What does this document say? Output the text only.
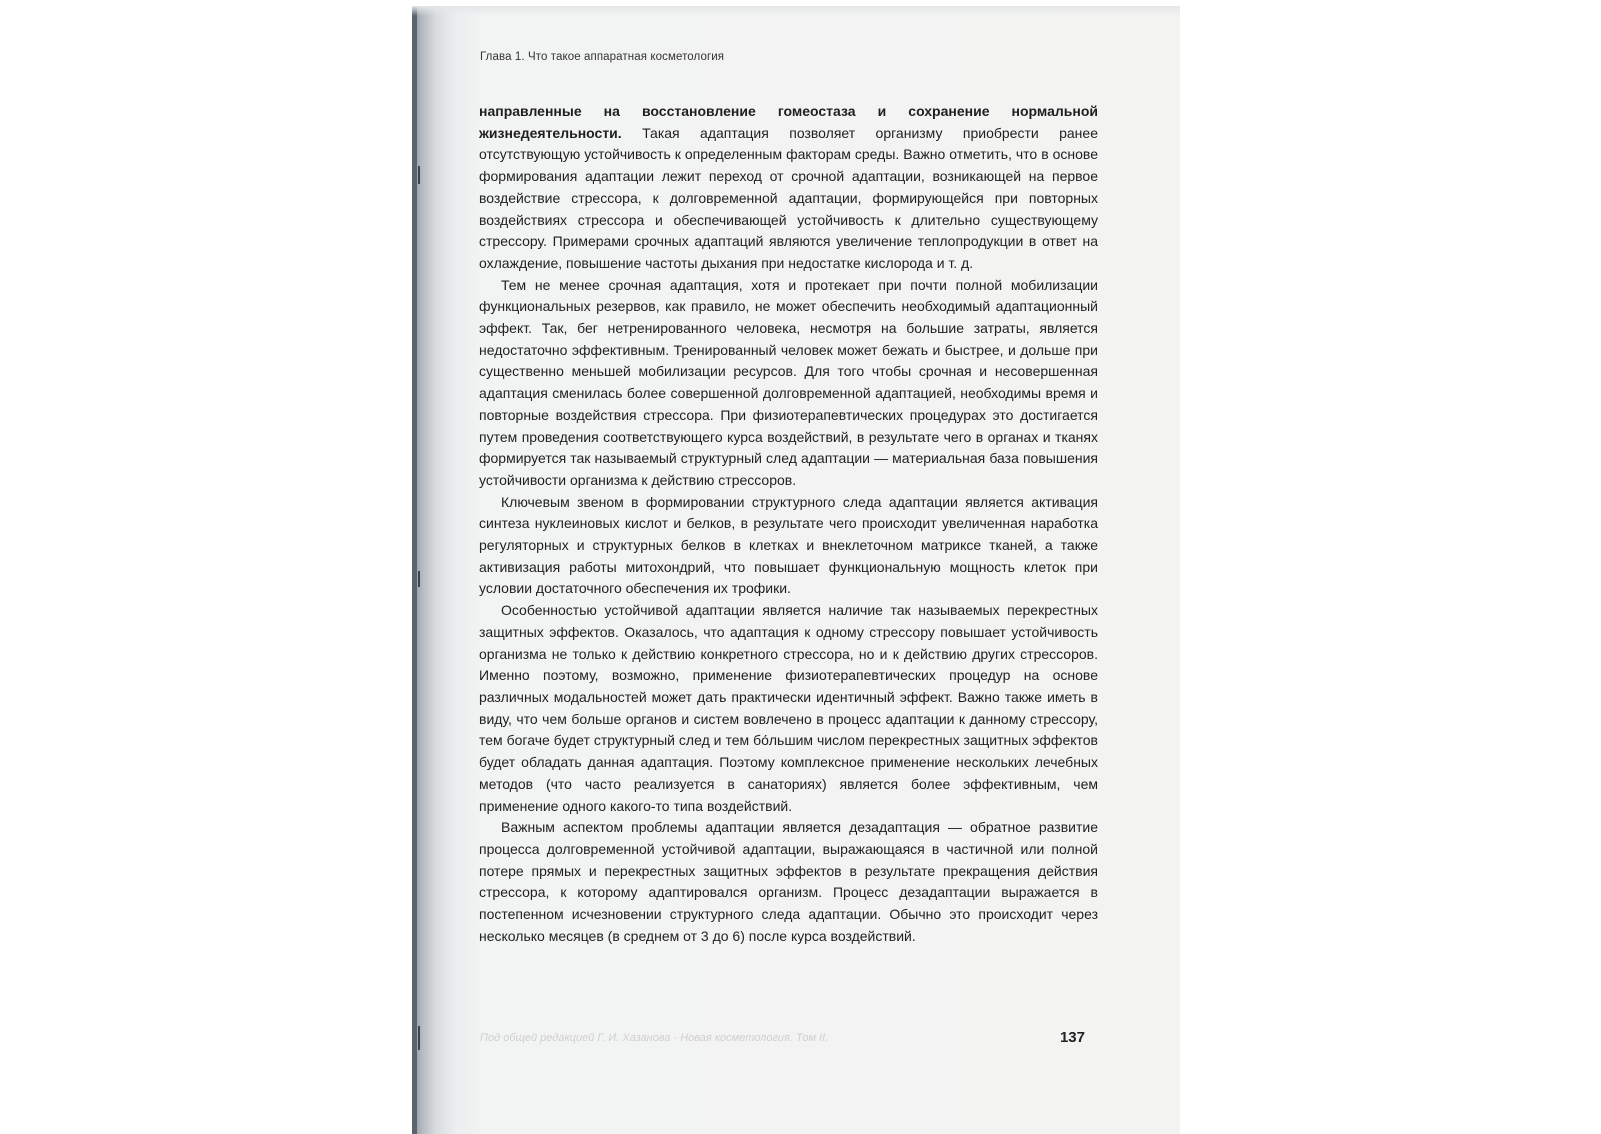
Глава 1. Что такое аппаратная косметология

направленные на восстановление гомеостаза и сохранение нормальной жизнедеятельности. Такая адаптация позволяет организму приобрести ранее отсутствующую устойчивость к определенным факторам среды. Важно отметить, что в основе формирования адаптации лежит переход от срочной адаптации, возникающей на первое воздействие стрессора, к долговременной адаптации, формирующейся при повторных воздействиях стрессора и обеспечивающей устойчивость к длительно существующему стрессору. Примерами срочных адаптаций являются увеличение теплопродукции в ответ на охлаждение, повышение частоты дыхания при недостатке кислорода и т. д.

Тем не менее срочная адаптация, хотя и протекает при почти полной мобилизации функциональных резервов, как правило, не может обеспечить необходимый адаптационный эффект. Так, бег нетренированного человека, несмотря на большие затраты, является недостаточно эффективным. Тренированный человек может бежать и быстрее, и дольше при существенно меньшей мобилизации ресурсов. Для того чтобы срочная и несовершенная адаптация сменилась более совершенной долговременной адаптацией, необходимы время и повторные воздействия стрессора. При физиотерапевтических процедурах это достигается путем проведения соответствующего курса воздействий, в результате чего в органах и тканях формируется так называемый структурный след адаптации — материальная база повышения устойчивости организма к действию стрессоров.

Ключевым звеном в формировании структурного следа адаптации является активация синтеза нуклеиновых кислот и белков, в результате чего происходит увеличенная наработка регуляторных и структурных белков в клетках и внеклеточном матриксе тканей, а также активизация работы митохондрий, что повышает функциональную мощность клеток при условии достаточного обеспечения их трофики.

Особенностью устойчивой адаптации является наличие так называемых перекрестных защитных эффектов. Оказалось, что адаптация к одному стрессору повышает устойчивость организма не только к действию конкретного стрессора, но и к действию других стрессоров. Именно поэтому, возможно, применение физиотерапевтических процедур на основе различных модальностей может дать практически идентичный эффект. Важно также иметь в виду, что чем больше органов и систем вовлечено в процесс адаптации к данному стрессору, тем богаче будет структурный след и тем бо́льшим числом перекрестных защитных эффектов будет обладать данная адаптация. Поэтому комплексное применение нескольких лечебных методов (что часто реализуется в санаториях) является более эффективным, чем применение одного какого-то типа воздействий.

Важным аспектом проблемы адаптации является дезадаптация — обратное развитие процесса долговременной устойчивой адаптации, выражающаяся в частичной или полной потере прямых и перекрестных защитных эффектов в результате прекращения действия стрессора, к которому адаптировался организм. Процесс дезадаптации выражается в постепенном исчезновении структурного следа адаптации. Обычно это происходит через несколько месяцев (в среднем от 3 до 6) после курса воздействий.

Под общей редакцией Г. И. Хазанова · Новая косметология. Том II.	137
